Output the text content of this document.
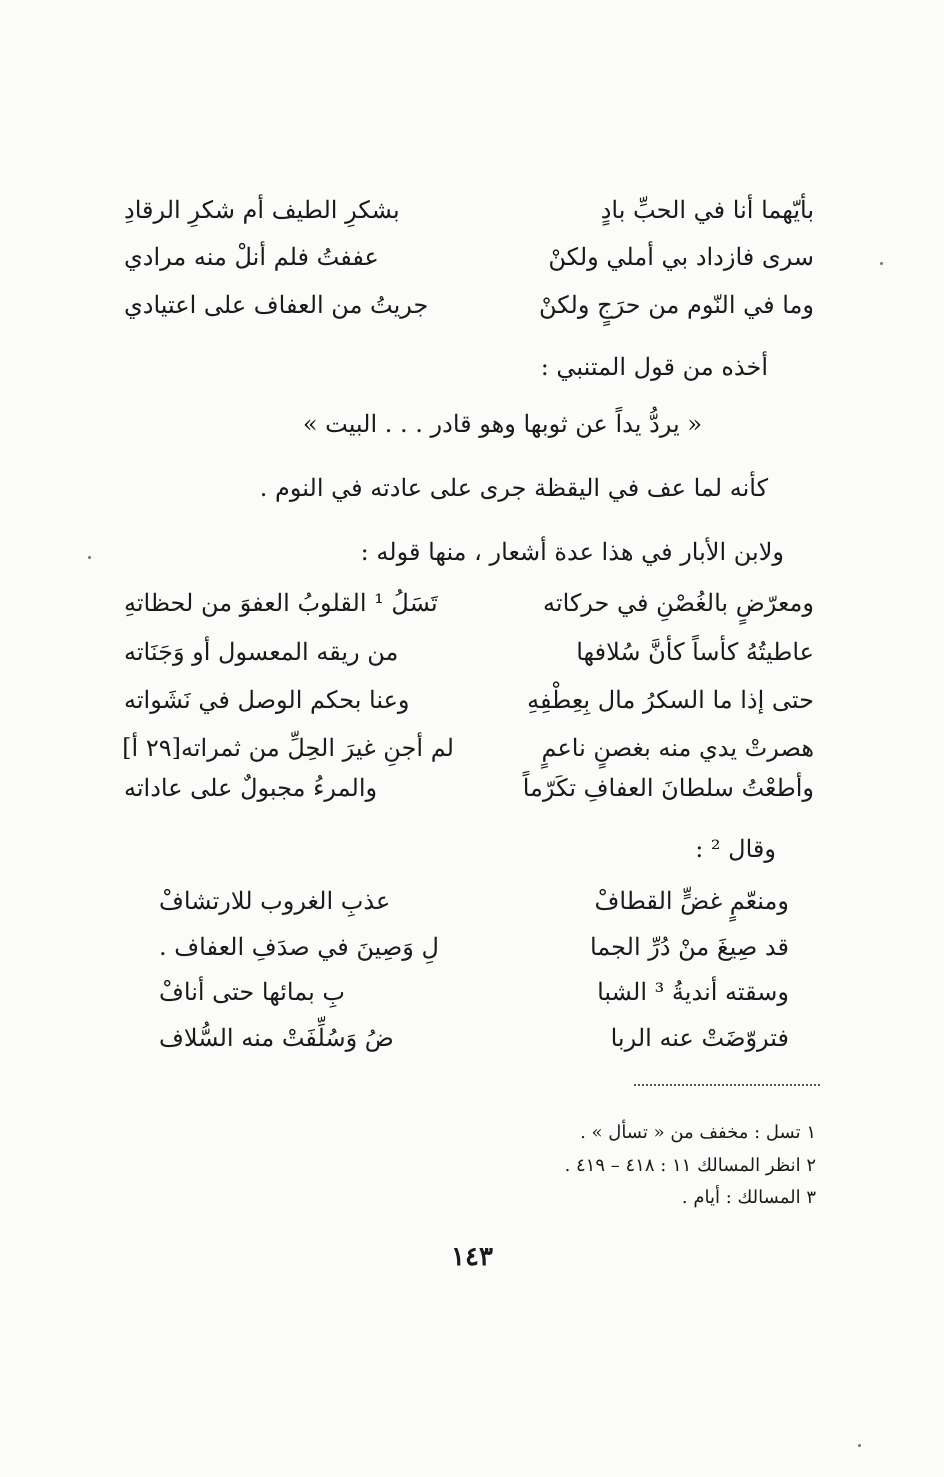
بأيّهما أنا في الحبِّ بادٍ
بشكرِ الطيف أم شكرِ الرقادِ
سرى فازداد بي أملي ولكنْ
عففتُ فلم أنلْ منه مرادي
وما في النّوم من حرَجٍ ولكنْ
جريتُ من العفاف على اعتيادي
أخذه من قول المتنبي :
« يردُّ يداً عن ثوبها وهو قادر . . . البيت »
كأنه لما عف في اليقظة جرى على عادته في النوم .
ولابن الأبار في هذا عدة أشعار ، منها قوله :
ومعرّضٍ بالغُصْنِ في حركاته
تَسَلُ ¹ القلوبُ العفوَ من لحظاتهِ
عاطيتُهُ كأساً كأنَّ سُلافها
من ريقه المعسول أو وَجَنَاته
حتى إذا ما السكرُ مال بِعِطْفِهِ
وعنا بحكم الوصل في نَشَواته
هصرتْ يدي منه بغصنٍ ناعمٍ
لم أجنِ غيرَ الحِلِّ من ثمراته[٢٩ أ]
وأطعْتُ سلطانَ العفافِ تكَرّماً
والمرءُ مجبولٌ على عاداته
وقال ² :
ومنعّمٍ غضٍّ القطافْ
عذبِ الغروب للارتشافْ
قد صِيغَ منْ دُرِّ الجما
لِ وَصِينَ في صدَفِ العفاف .
وسقته أنديةُ ³ الشبا
بِ بمائها حتى أنافْ
فتروّضَتْ عنه الربا
ضُ وَسُلِّفَتْ منه السُّلاف
١ تسل : مخفف من « تسأل » .
٢ انظر المسالك ١١ : ٤١٨ – ٤١٩ .
٣ المسالك : أيام .
١٤٣
